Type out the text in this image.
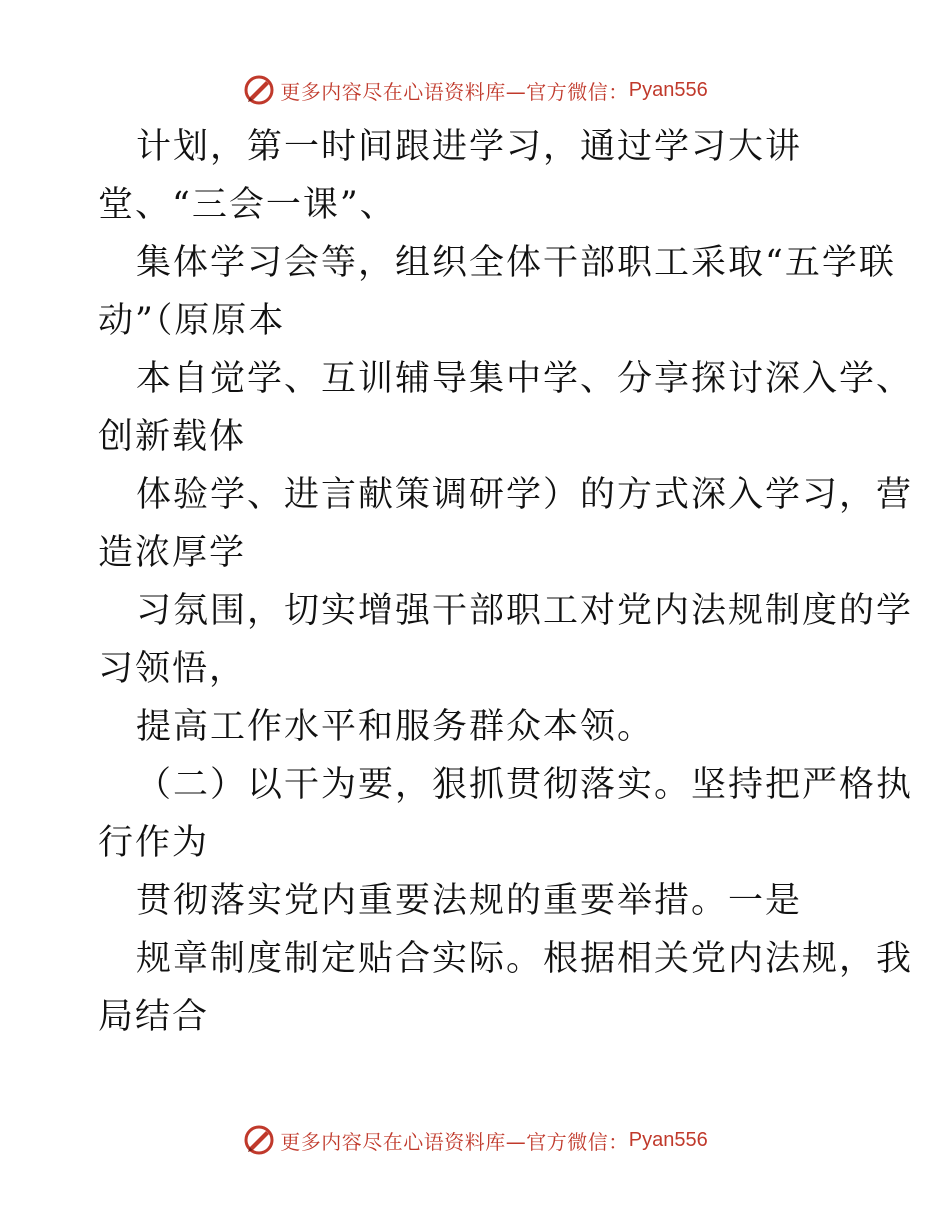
更多内容尽在心语资料库—官方微信： Pyan556
计划，第一时间跟进学习，通过学习大讲
堂、“三会一课”、
集体学习会等，组织全体干部职工采取“五学联
动”（原原本
本自觉学、互训辅导集中学、分享探讨深入学、
创新载体
体验学、进言献策调研学）的方式深入学习，营
造浓厚学
习氛围，切实增强干部职工对党内法规制度的学
习领悟，
提高工作水平和服务群众本领。
（二）以干为要，狠抓贯彻落实。坚持把严格执
行作为
贯彻落实党内重要法规的重要举措。一是
规章制度制定贴合实际。根据相关党内法规，我
局结合
更多内容尽在心语资料库—官方微信： Pyan556
